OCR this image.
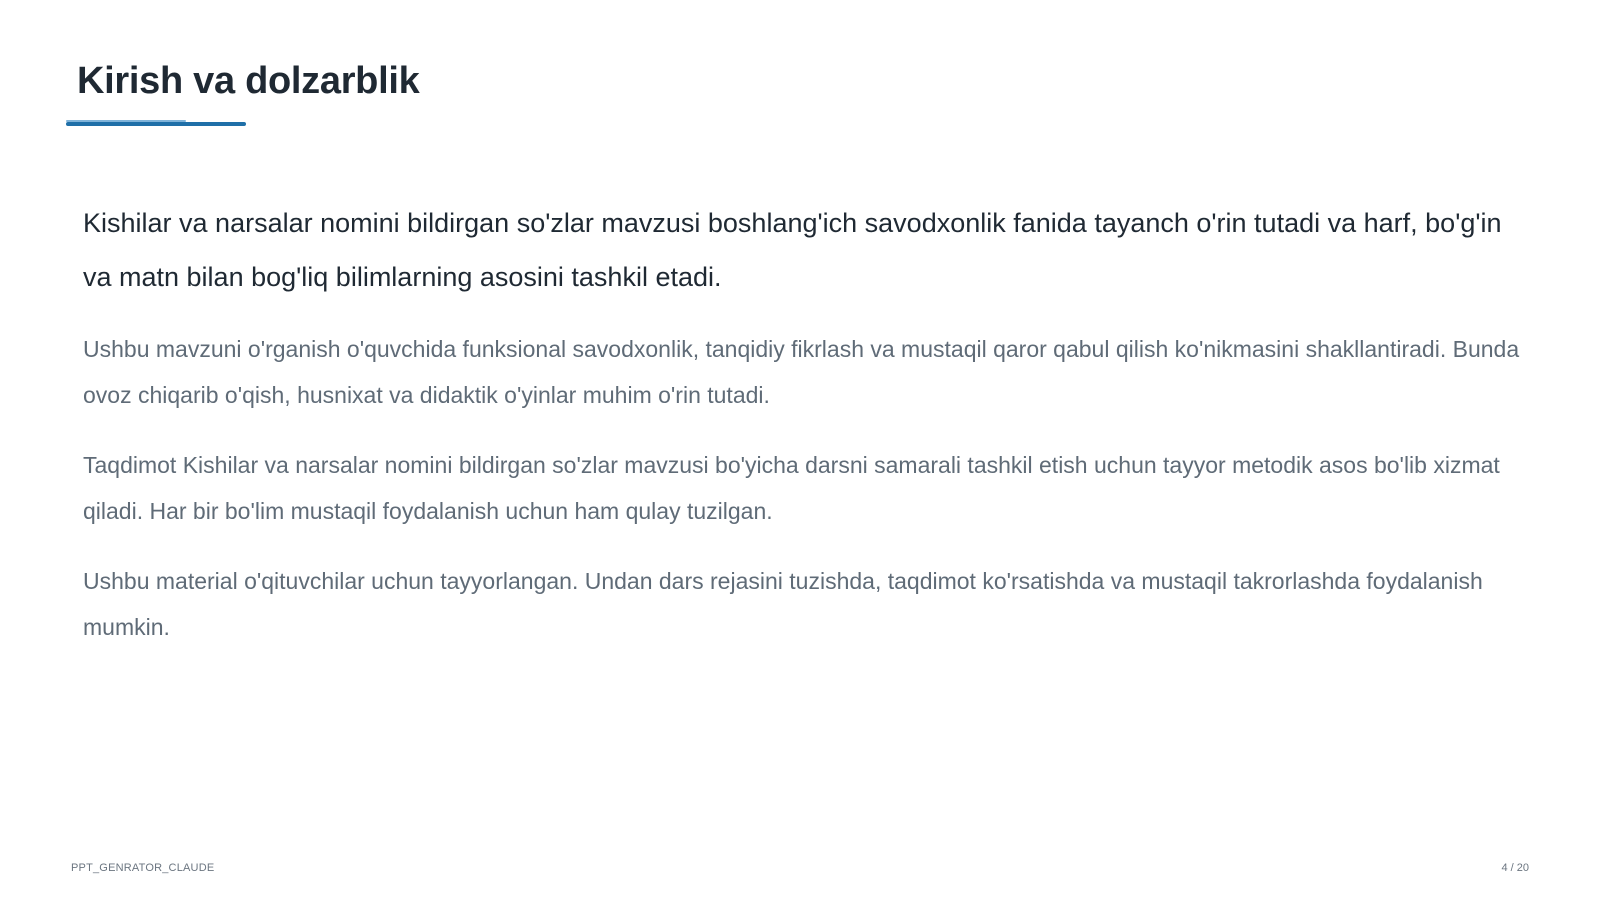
Kirish va dolzarblik

Kishilar va narsalar nomini bildirgan so'zlar mavzusi boshlang'ich savodxonlik fanida tayanch o'rin tutadi va harf, bo'g'in va matn bilan bog'liq bilimlarning asosini tashkil etadi.

Ushbu mavzuni o'rganish o'quvchida funksional savodxonlik, tanqidiy fikrlash va mustaqil qaror qabul qilish ko'nikmasini shakllantiradi. Bunda ovoz chiqarib o'qish, husnixat va didaktik o'yinlar muhim o'rin tutadi.

Taqdimot Kishilar va narsalar nomini bildirgan so'zlar mavzusi bo'yicha darsni samarali tashkil etish uchun tayyor metodik asos bo'lib xizmat qiladi. Har bir bo'lim mustaqil foydalanish uchun ham qulay tuzilgan.

Ushbu material o'qituvchilar uchun tayyorlangan. Undan dars rejasini tuzishda, taqdimot ko'rsatishda va mustaqil takrorlashda foydalanish mumkin.

PPT_GENRATOR_CLAUDE	4 / 20
